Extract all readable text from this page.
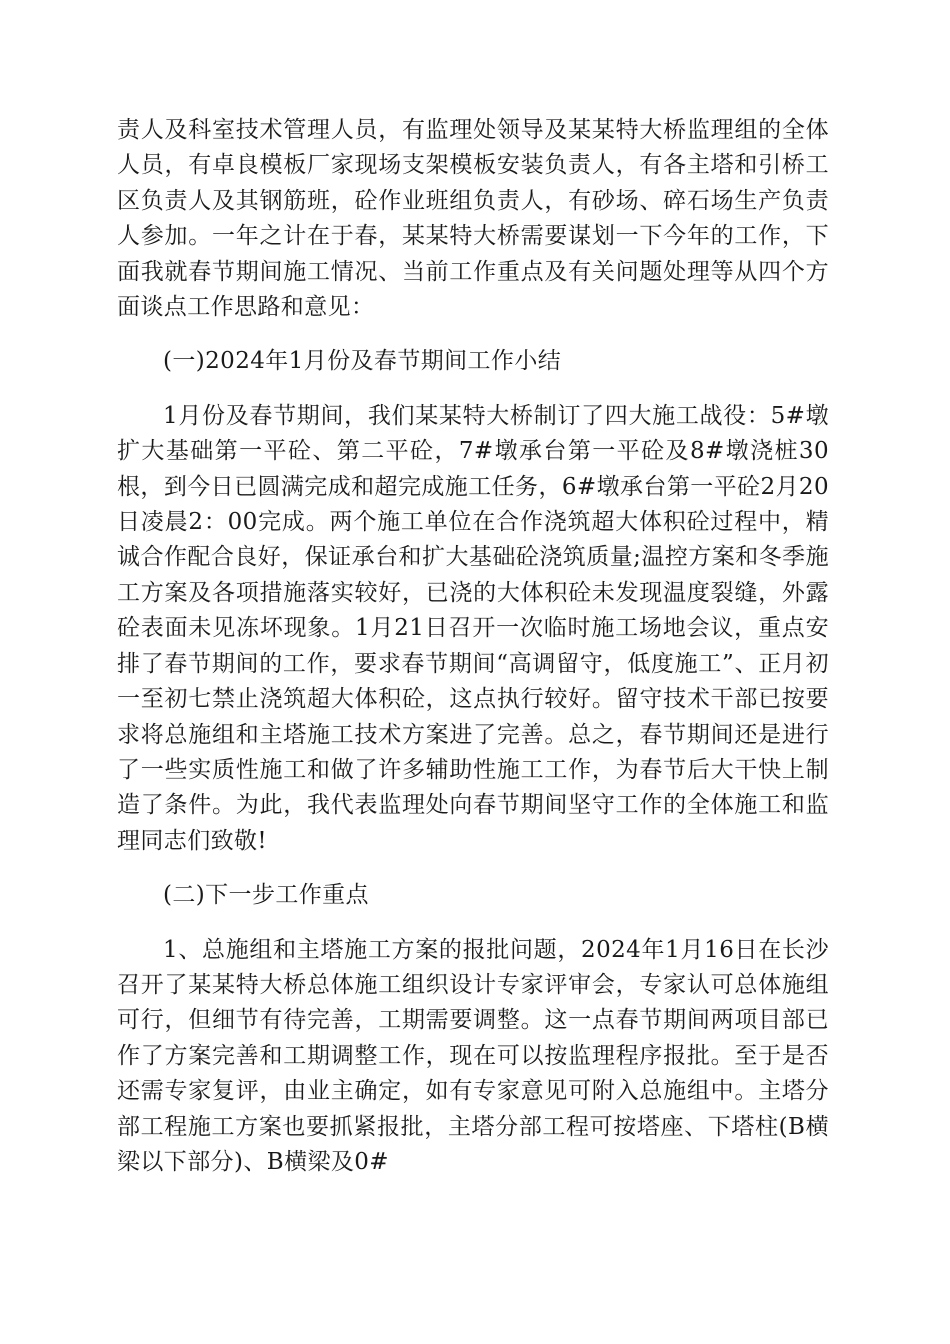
责人及科室技术管理人员，有监理处领导及某某特大桥监理组的全体人员，有卓良模板厂家现场支架模板安装负责人，有各主塔和引桥工区负责人及其钢筋班，砼作业班组负责人，有砂场、碎石场生产负责人参加。一年之计在于春，某某特大桥需要谋划一下今年的工作，下面我就春节期间施工情况、当前工作重点及有关问题处理等从四个方面谈点工作思路和意见：

(一)2024年1月份及春节期间工作小结

1月份及春节期间，我们某某特大桥制订了四大施工战役：5#墩扩大基础第一平砼、第二平砼，7#墩承台第一平砼及8#墩浇桩30根，到今日已圆满完成和超完成施工任务，6#墩承台第一平砼2月20日凌晨2：00完成。两个施工单位在合作浇筑超大体积砼过程中，精诚合作配合良好，保证承台和扩大基础砼浇筑质量;温控方案和冬季施工方案及各项措施落实较好，已浇的大体积砼未发现温度裂缝，外露砼表面未见冻坏现象。1月21日召开一次临时施工场地会议，重点安排了春节期间的工作，要求春节期间“高调留守，低度施工”、正月初一至初七禁止浇筑超大体积砼，这点执行较好。留守技术干部已按要求将总施组和主塔施工技术方案进了完善。总之，春节期间还是进行了一些实质性施工和做了许多辅助性施工工作，为春节后大干快上制造了条件。为此，我代表监理处向春节期间坚守工作的全体施工和监理同志们致敬!

(二)下一步工作重点

1、总施组和主塔施工方案的报批问题，2024年1月16日在长沙召开了某某特大桥总体施工组织设计专家评审会，专家认可总体施组可行，但细节有待完善，工期需要调整。这一点春节期间两项目部已作了方案完善和工期调整工作，现在可以按监理程序报批。至于是否还需专家复评，由业主确定，如有专家意见可附入总施组中。主塔分部工程施工方案也要抓紧报批，主塔分部工程可按塔座、下塔柱(B横梁以下部分)、B横梁及0#
